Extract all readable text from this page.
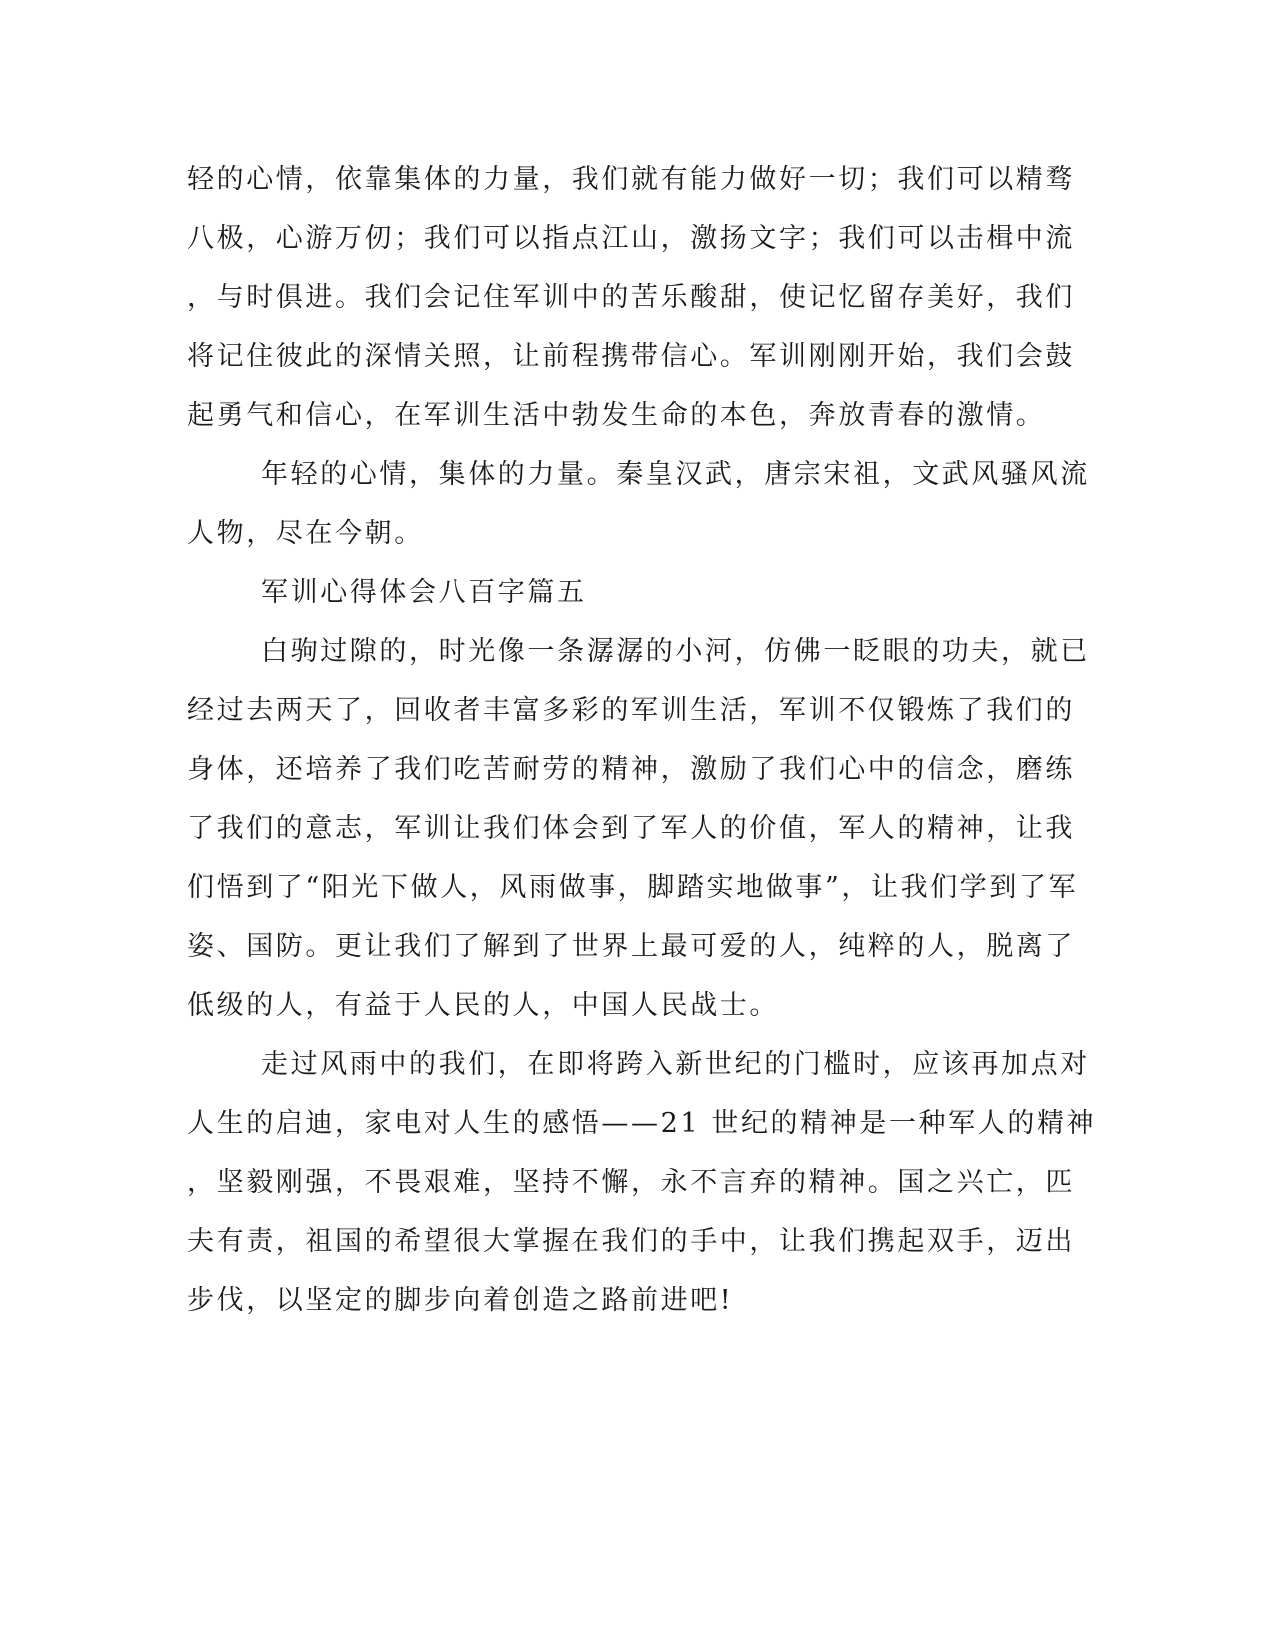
轻的心情，依靠集体的力量，我们就有能力做好一切；我们可以精骛
八极，心游万仞；我们可以指点江山，激扬文字；我们可以击楫中流
，与时俱进。我们会记住军训中的苦乐酸甜，使记忆留存美好，我们
将记住彼此的深情关照，让前程携带信心。军训刚刚开始，我们会鼓
起勇气和信心，在军训生活中勃发生命的本色，奔放青春的激情。
年轻的心情，集体的力量。秦皇汉武，唐宗宋祖，文武风骚风流
人物，尽在今朝。
军训心得体会八百字篇五
白驹过隙的，时光像一条潺潺的小河，仿佛一眨眼的功夫，就已
经过去两天了，回收者丰富多彩的军训生活，军训不仅锻炼了我们的
身体，还培养了我们吃苦耐劳的精神，激励了我们心中的信念，磨练
了我们的意志，军训让我们体会到了军人的价值，军人的精神，让我
们悟到了“阳光下做人，风雨做事，脚踏实地做事”，让我们学到了军
姿、国防。更让我们了解到了世界上最可爱的人，纯粹的人，脱离了
低级的人，有益于人民的人，中国人民战士。
走过风雨中的我们，在即将跨入新世纪的门槛时，应该再加点对
人生的启迪，家电对人生的感悟——21 世纪的精神是一种军人的精神
，坚毅刚强，不畏艰难，坚持不懈，永不言弃的精神。国之兴亡，匹
夫有责，祖国的希望很大掌握在我们的手中，让我们携起双手，迈出
步伐，以坚定的脚步向着创造之路前进吧!
